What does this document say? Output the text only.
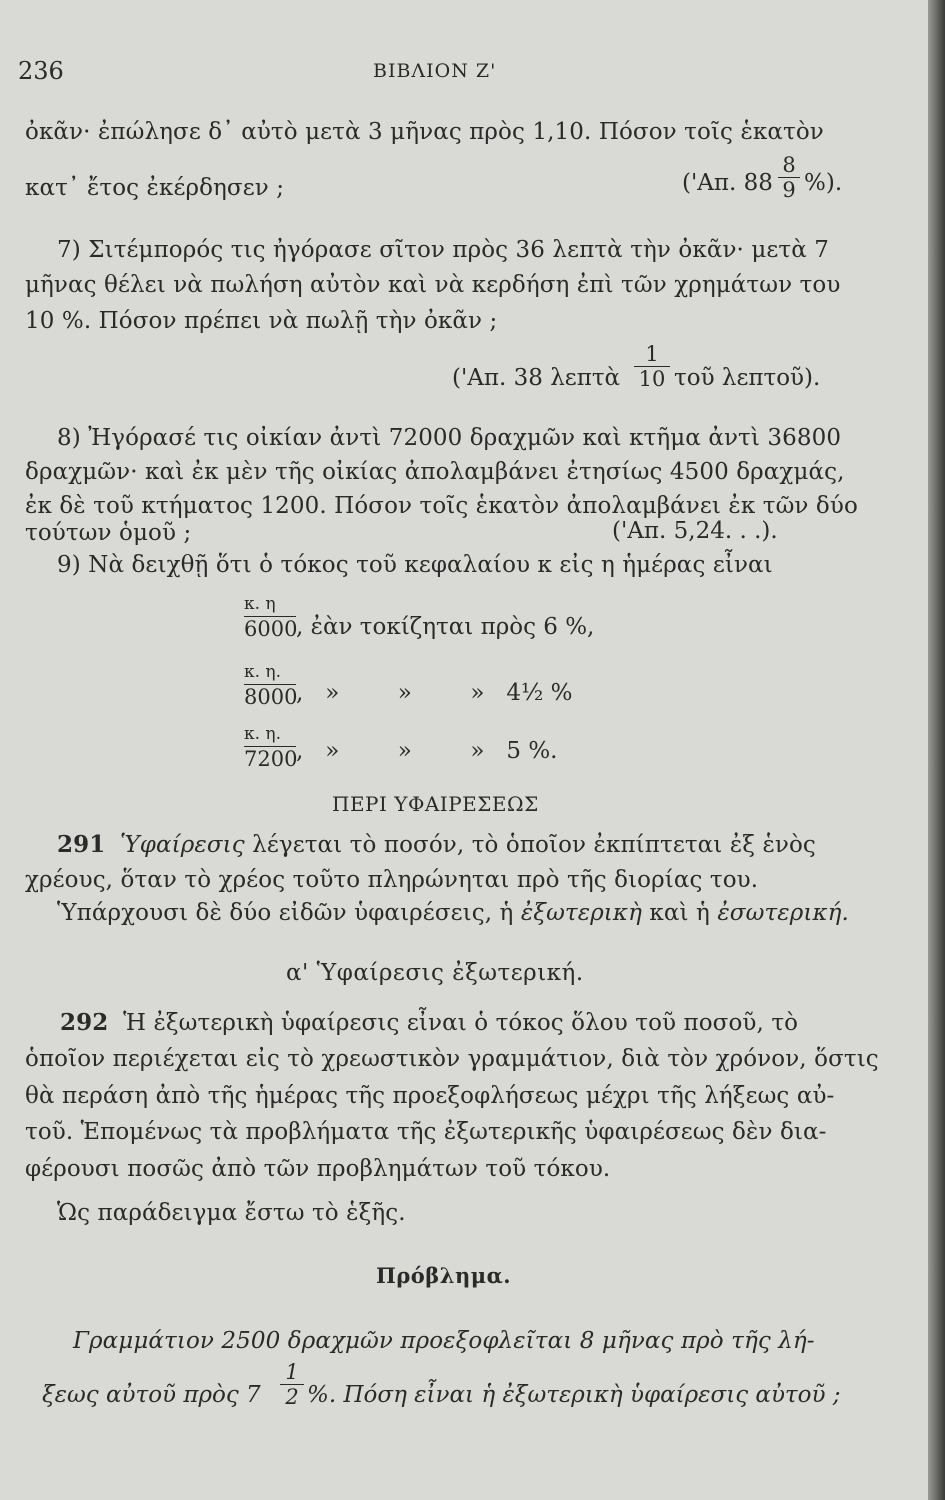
236	ΒΙΒΛΙΟΝ Ζ'
ὀκᾶν· ἐπώλησε δ᾽ αὐτὸ μετὰ 3 μῆνας πρὸς 1,10. Πόσον τοῖς ἑκατὸν
κατ᾽ ἔτος ἐκέρδησεν ;	('Απ. 88
8
9 %).
7) Σιτέμπορός τις ἠγόρασε σῖτον πρὸς 36 λεπτὰ τὴν ὀκᾶν· μετὰ 7
μῆνας θέλει νὰ πωλήση αὐτὸν καὶ νὰ κερδήση ἐπὶ τῶν χρημάτων του
10 %. Πόσον πρέπει νὰ πωλῇ τὴν ὀκᾶν ;
('Απ. 38 λεπτὰ
1
10 τοῦ λεπτοῦ).
8) Ἠγόρασέ τις οἰκίαν ἀντὶ 72000 δραχμῶν καὶ κτῆμα ἀντὶ 36800
δραχμῶν· καὶ ἐκ μὲν τῆς οἰκίας ἀπολαμβάνει ἐτησίως 4500 δραχμάς,
ἐκ δὲ τοῦ κτήματος 1200. Πόσον τοῖς ἑκατὸν ἀπολαμβάνει ἐκ τῶν δύο
τούτων ὁμοῦ ;	('Απ. 5,24. . .).
9) Νὰ δειχθῇ ὅτι ὁ τόκος τοῦ κεφαλαίου κ εἰς η ἡμέρας εἶναι
κ. η
6000
, ἐὰν τοκίζηται πρὸς 6 %,
κ. η.
8000
,   »        »        »   4½ %
κ. η.
7200
,   »        »        »   5 %.
ΠΕΡΙ ΥΦΑΙΡΕΣΕΩΣ
291 Ὑφαίρεσις λέγεται τὸ ποσόν, τὸ ὁποῖον ἐκπίπτεται ἐξ ἑνὸς
χρέους, ὅταν τὸ χρέος τοῦτο πληρώνηται πρὸ τῆς διορίας του.
Ὑπάρχουσι δὲ δύο εἰδῶν ὑφαιρέσεις, ἡ ἐξωτερικὴ καὶ ἡ ἐσωτερική.
α' Ὑφαίρεσις ἐξωτερική.
292 Ἡ ἐξωτερικὴ ὑφαίρεσις εἶναι ὁ τόκος ὅλου τοῦ ποσοῦ, τὸ
ὁποῖον περιέχεται εἰς τὸ χρεωστικὸν γραμμάτιον, διὰ τὸν χρόνον, ὅστις
θὰ περάση ἀπὸ τῆς ἡμέρας τῆς προεξοφλήσεως μέχρι τῆς λήξεως αὐ-
τοῦ. Ἑπομένως τὰ προβλήματα τῆς ἐξωτερικῆς ὑφαιρέσεως δὲν δια-
φέρουσι ποσῶς ἀπὸ τῶν προβλημάτων τοῦ τόκου.
Ὡς παράδειγμα ἔστω τὸ ἑξῆς.
Πρόβλημα.
Γραμμάτιον 2500 δραχμῶν προεξοφλεῖται 8 μῆνας πρὸ τῆς λή-
ξεως αὐτοῦ πρὸς 7
1
2 %. Πόση εἶναι ἡ ἐξωτερικὴ ὑφαίρεσις αὐτοῦ ;
